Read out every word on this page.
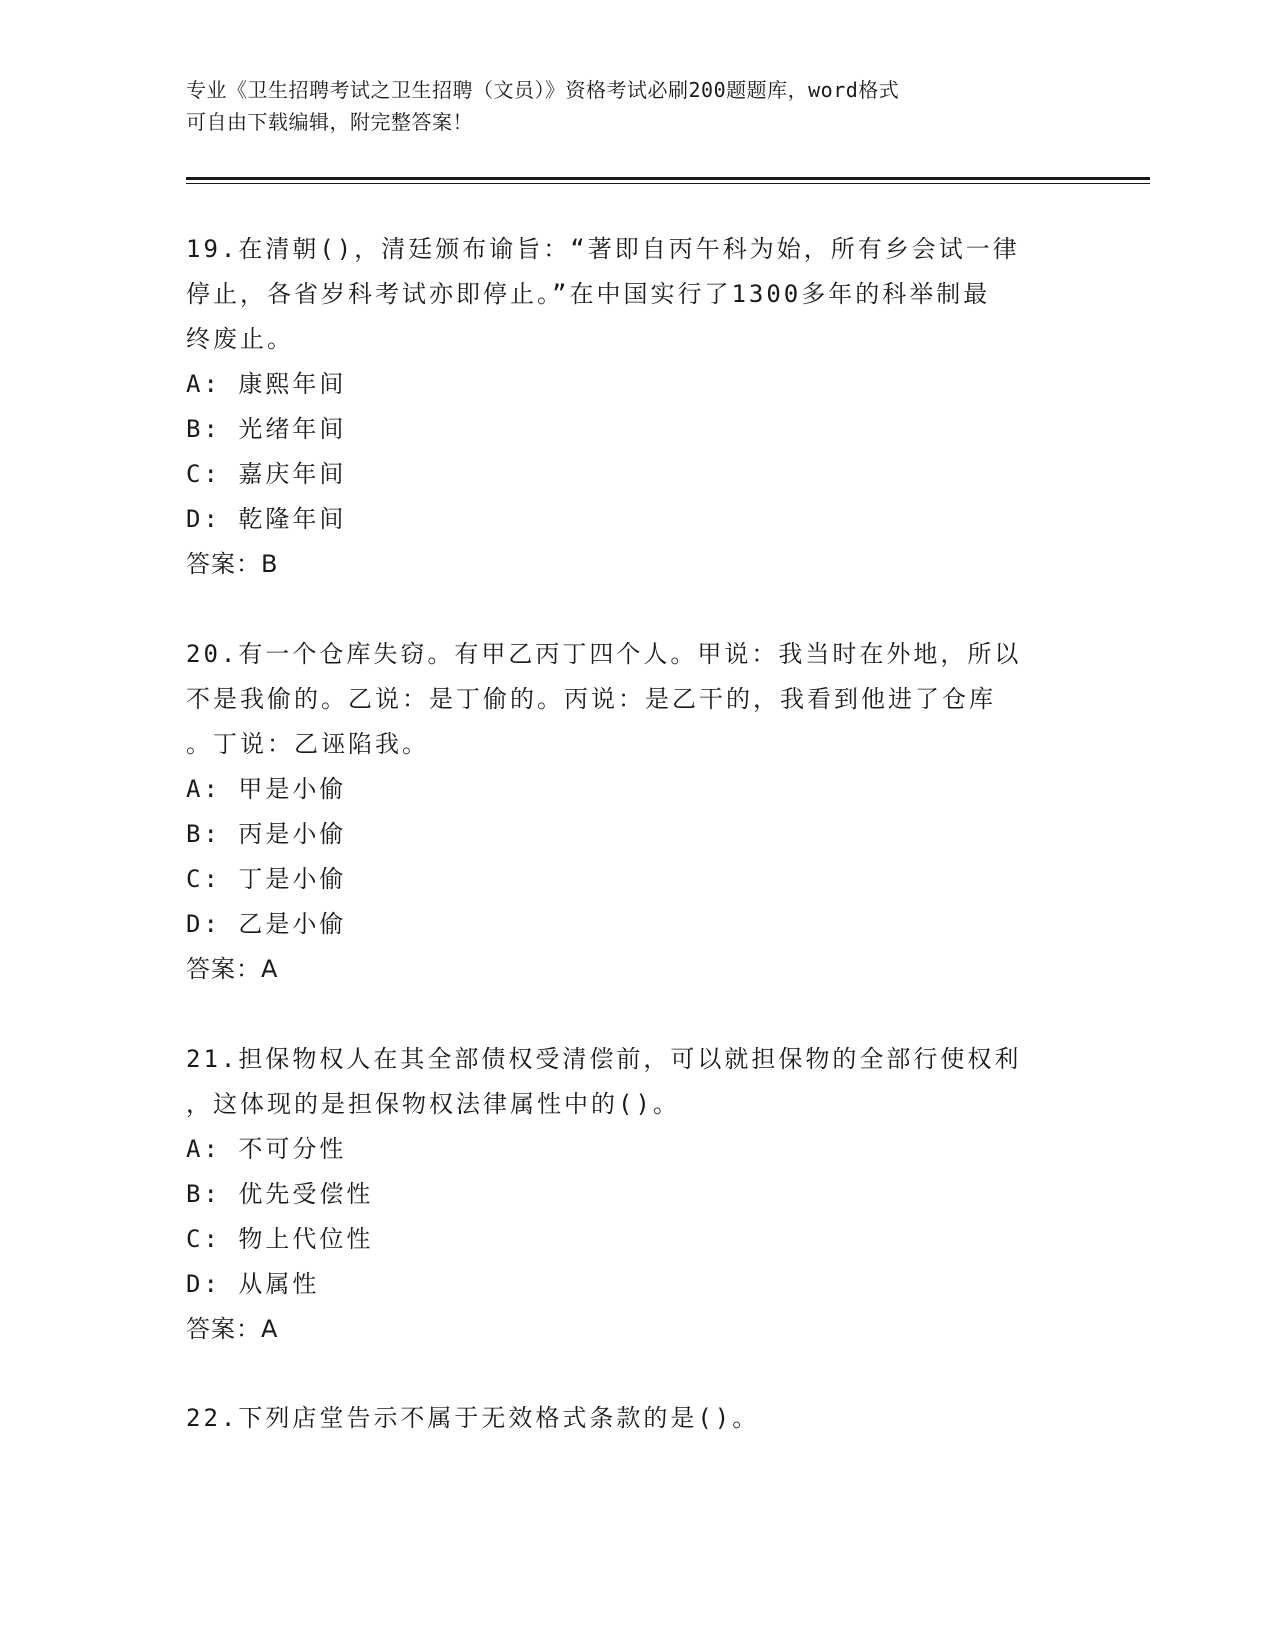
专业《卫生招聘考试之卫生招聘（文员）》资格考试必刷200题题库，word格式
可自由下载编辑，附完整答案！
19.在清朝()，清廷颁布谕旨：“著即自丙午科为始，所有乡会试一律
停止，各省岁科考试亦即停止。”在中国实行了1300多年的科举制最
终废止。
A: 康熙年间
B: 光绪年间
C: 嘉庆年间
D: 乾隆年间
答案：B
20.有一个仓库失窃。有甲乙丙丁四个人。甲说：我当时在外地，所以
不是我偷的。乙说：是丁偷的。丙说：是乙干的，我看到他进了仓库
。丁说：乙诬陷我。
A: 甲是小偷
B: 丙是小偷
C: 丁是小偷
D: 乙是小偷
答案：A
21.担保物权人在其全部债权受清偿前，可以就担保物的全部行使权利
，这体现的是担保物权法律属性中的()。
A: 不可分性
B: 优先受偿性
C: 物上代位性
D: 从属性
答案：A
22.下列店堂告示不属于无效格式条款的是()。
